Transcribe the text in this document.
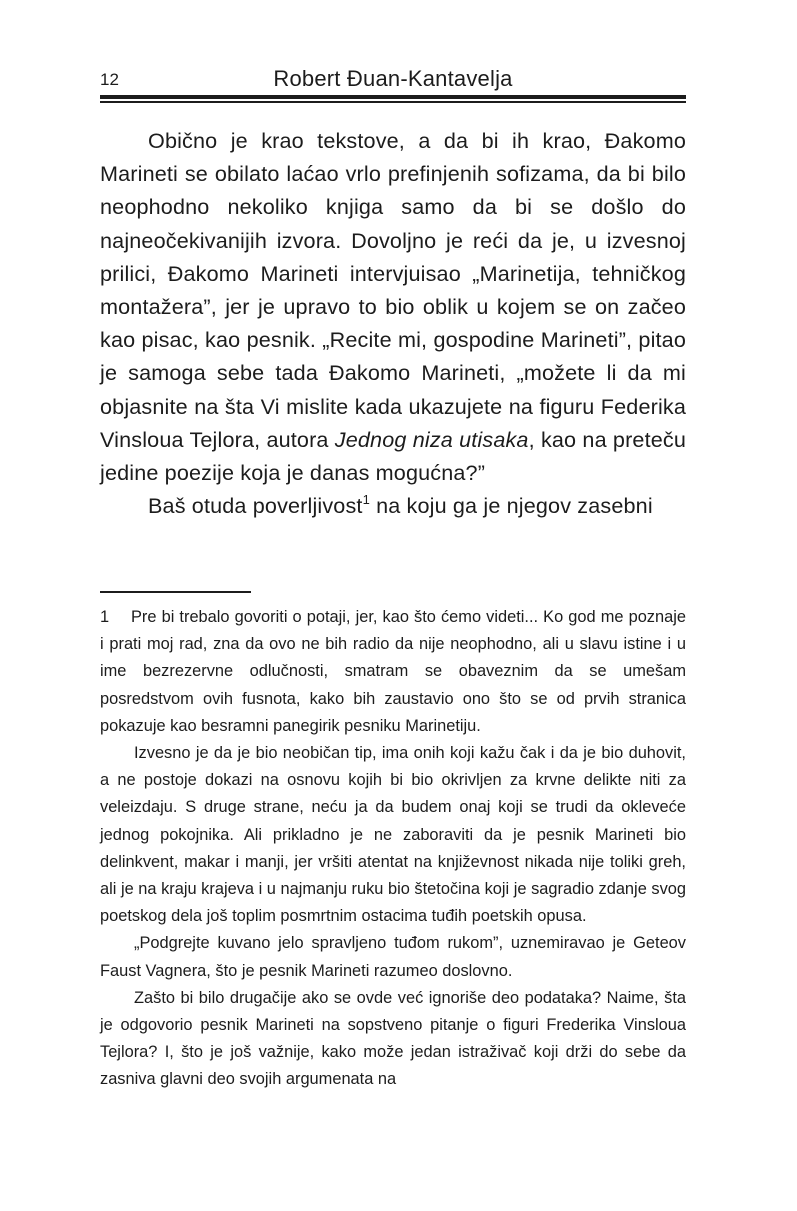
12	Robert Đuan-Kantavelja

Obično je krao tekstove, a da bi ih krao, Đakomo Marineti se obilato laćao vrlo prefinjenih sofizama, da bi bilo neophodno nekoliko knjiga samo da bi se došlo do najneočekivanijih izvora. Dovoljno je reći da je, u izvesnoj prilici, Đakomo Marineti intervjuisao „Marinetija, tehničkog montažera”, jer je upravo to bio oblik u kojem se on začeo kao pisac, kao pesnik. „Recite mi, gospodine Marineti”, pitao je samoga sebe tada Đakomo Marineti, „možete li da mi objasnite na šta Vi mislite kada ukazujete na figuru Federika Vinsloua Tejlora, autora Jednog niza utisaka, kao na preteču jedine poezije koja je danas mogućna?”

Baš otuda poverljivost$^1$ na koju ga je njegov zasebni

1 Pre bi trebalo govoriti o potaji, jer, kao što ćemo videti... Ko god me poznaje i prati moj rad, zna da ovo ne bih radio da nije neophodno, ali u slavu istine i u ime bezrezervne odlučnosti, smatram se obaveznim da se umešam posredstvom ovih fusnota, kako bih zaustavio ono što se od prvih stranica pokazuje kao besramni panegirik pesniku Marinetiju.

Izvesno je da je bio neobičan tip, ima onih koji kažu čak i da je bio duhovit, a ne postoje dokazi na osnovu kojih bi bio okrivljen za krvne delikte niti za veleizdaju. S druge strane, neću ja da budem onaj koji se trudi da okleveće jednog pokojnika. Ali prikladno je ne zaboraviti da je pesnik Marineti bio delinkvent, makar i manji, jer vršiti atentat na književnost nikada nije toliki greh, ali je na kraju krajeva i u najmanju ruku bio štetočina koji je sagradio zdanje svog poetskog dela još toplim posmrtnim ostacima tuđih poetskih opusa.

„Podgrejte kuvano jelo spravljeno tuđom rukom”, uznemiravao je Geteov Faust Vagnera, što je pesnik Marineti razumeo doslovno.

Zašto bi bilo drugačije ako se ovde već ignoriše deo podataka? Naime, šta je odgovorio pesnik Marineti na sopstveno pitanje o figuri Frederika Vinsloua Tejlora? I, što je još važnije, kako može jedan istraživač koji drži do sebe da zasniva glavni deo svojih argumenata na
